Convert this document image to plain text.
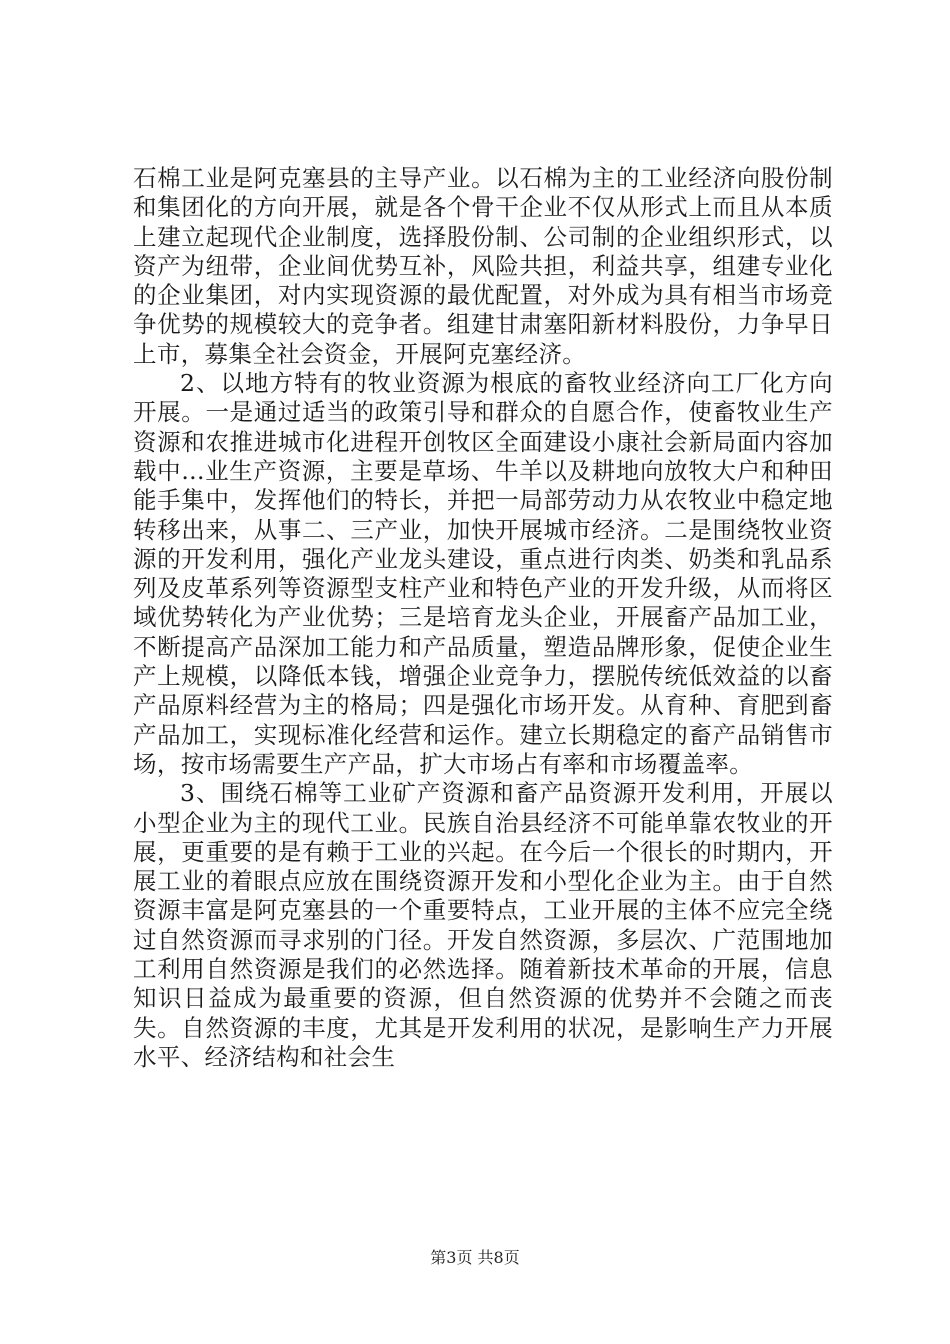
石棉工业是阿克塞县的主导产业。以石棉为主的工业经济向股份制和集团化的方向开展，就是各个骨干企业不仅从形式上而且从本质上建立起现代企业制度，选择股份制、公司制的企业组织形式，以资产为纽带，企业间优势互补，风险共担，利益共享，组建专业化的企业集团，对内实现资源的最优配置，对外成为具有相当市场竞争优势的规模较大的竞争者。组建甘肃塞阳新材料股份，力争早日上市，募集全社会资金，开展阿克塞经济。

2、以地方特有的牧业资源为根底的畜牧业经济向工厂化方向开展。一是通过适当的政策引导和群众的自愿合作，使畜牧业生产资源和农推进城市化进程开创牧区全面建设小康社会新局面内容加载中...业生产资源，主要是草场、牛羊以及耕地向放牧大户和种田能手集中，发挥他们的特长，并把一局部劳动力从农牧业中稳定地转移出来，从事二、三产业，加快开展城市经济。二是围绕牧业资源的开发利用，强化产业龙头建设，重点进行肉类、奶类和乳品系列及皮革系列等资源型支柱产业和特色产业的开发升级，从而将区域优势转化为产业优势；三是培育龙头企业，开展畜产品加工业，不断提高产品深加工能力和产品质量，塑造品牌形象，促使企业生产上规模，以降低本钱，增强企业竞争力，摆脱传统低效益的以畜产品原料经营为主的格局；四是强化市场开发。从育种、育肥到畜产品加工，实现标准化经营和运作。建立长期稳定的畜产品销售市场，按市场需要生产产品，扩大市场占有率和市场覆盖率。

3、围绕石棉等工业矿产资源和畜产品资源开发利用，开展以小型企业为主的现代工业。民族自治县经济不可能单靠农牧业的开展，更重要的是有赖于工业的兴起。在今后一个很长的时期内，开展工业的着眼点应放在围绕资源开发和小型化企业为主。由于自然资源丰富是阿克塞县的一个重要特点，工业开展的主体不应完全绕过自然资源而寻求别的门径。开发自然资源，多层次、广范围地加工利用自然资源是我们的必然选择。随着新技术革命的开展，信息知识日益成为最重要的资源，但自然资源的优势并不会随之而丧失。自然资源的丰度，尤其是开发利用的状况，是影响生产力开展水平、经济结构和社会生

第3页 共8页
